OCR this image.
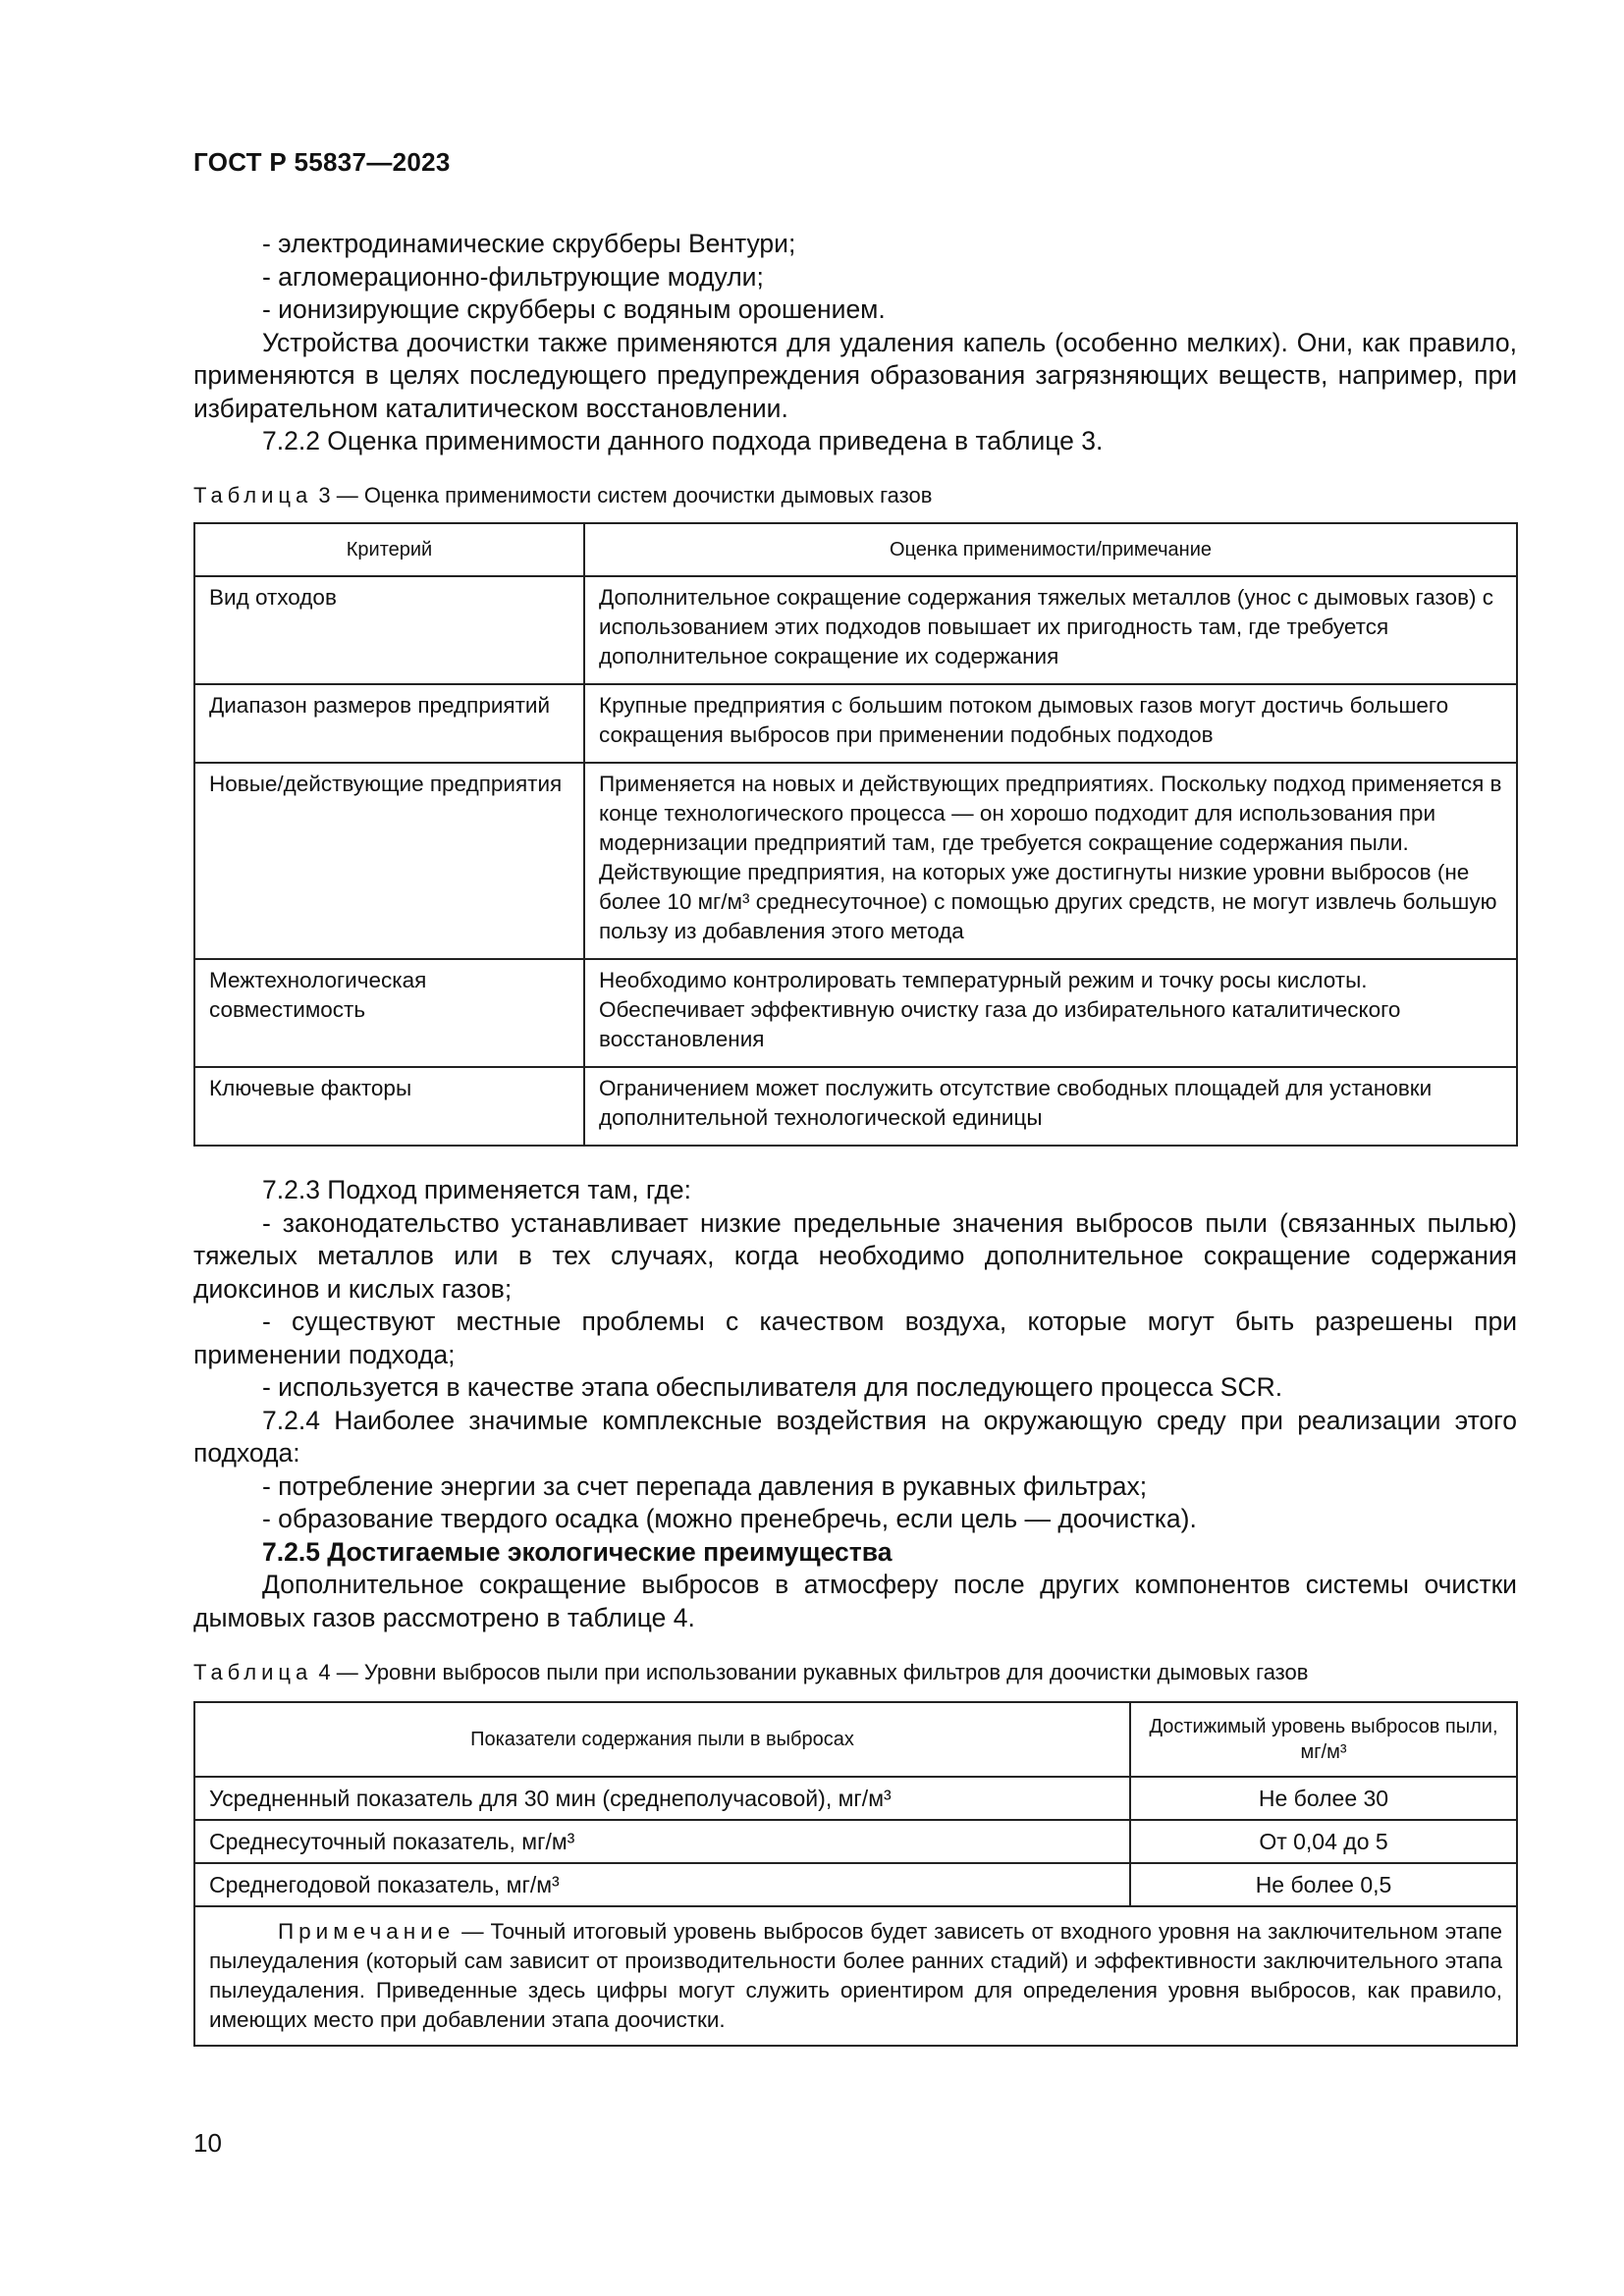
ГОСТ Р 55837—2023

- электродинамические скрубберы Вентури;

- агломерационно-фильтрующие модули;

- ионизирующие скрубберы с водяным орошением.

Устройства доочистки также применяются для удаления капель (особенно мелких). Они, как правило, применяются в целях последующего предупреждения образования загрязняющих веществ, например, при избирательном каталитическом восстановлении.

7.2.2 Оценка применимости данного подхода приведена в таблице 3.

Таблица 3 — Оценка применимости систем доочистки дымовых газов
Критерий	Оценка применимости/примечание
Вид отходов	Дополнительное сокращение содержания тяжелых металлов (унос с дымовых газов) с использованием этих подходов повышает их пригодность там, где требуется дополнительное сокращение их содержания
Диапазон размеров предприятий	Крупные предприятия с большим потоком дымовых газов могут достичь большего сокращения выбросов при применении подобных подходов
Новые/действующие предприятия	Применяется на новых и действующих предприятиях. Поскольку подход применяется в конце технологического процесса — он хорошо подходит для использования при модернизации предприятий там, где требуется сокращение содержания пыли. Действующие предприятия, на которых уже достигнуты низкие уровни выбросов (не более 10 мг/м³ среднесуточное) с помощью других средств, не могут извлечь большую пользу из добавления этого метода
Межтехнологическая совместимость	Необходимо контролировать температурный режим и точку росы кислоты. Обеспечивает эффективную очистку газа до избирательного каталитического восстановления
Ключевые факторы	Ограничением может послужить отсутствие свободных площадей для установки дополнительной технологической единицы

7.2.3 Подход применяется там, где:

- законодательство устанавливает низкие предельные значения выбросов пыли (связанных пылью) тяжелых металлов или в тех случаях, когда необходимо дополнительное сокращение содержания диоксинов и кислых газов;

- существуют местные проблемы с качеством воздуха, которые могут быть разрешены при применении подхода;

- используется в качестве этапа обеспыливателя для последующего процесса SCR.

7.2.4 Наиболее значимые комплексные воздействия на окружающую среду при реализации этого подхода:

- потребление энергии за счет перепада давления в рукавных фильтрах;

- образование твердого осадка (можно пренебречь, если цель — доочистка).

7.2.5 Достигаемые экологические преимущества

Дополнительное сокращение выбросов в атмосферу после других компонентов системы очистки дымовых газов рассмотрено в таблице 4.

Таблица 4 — Уровни выбросов пыли при использовании рукавных фильтров для доочистки дымовых газов
Показатели содержания пыли в выбросах	Достижимый уровень выбросов пыли, мг/м³
Усредненный показатель для 30 мин (среднеполучасовой), мг/м³	Не более 30
Среднесуточный показатель, мг/м³	От 0,04 до 5
Среднегодовой показатель, мг/м³	Не более 0,5
Примечание — Точный итоговый уровень выбросов будет зависеть от входного уровня на заключительном этапе пылеудаления (который сам зависит от производительности более ранних стадий) и эффективности заключительного этапа пылеудаления. Приведенные здесь цифры могут служить ориентиром для определения уровня выбросов, как правило, имеющих место при добавлении этапа доочистки.	
10
